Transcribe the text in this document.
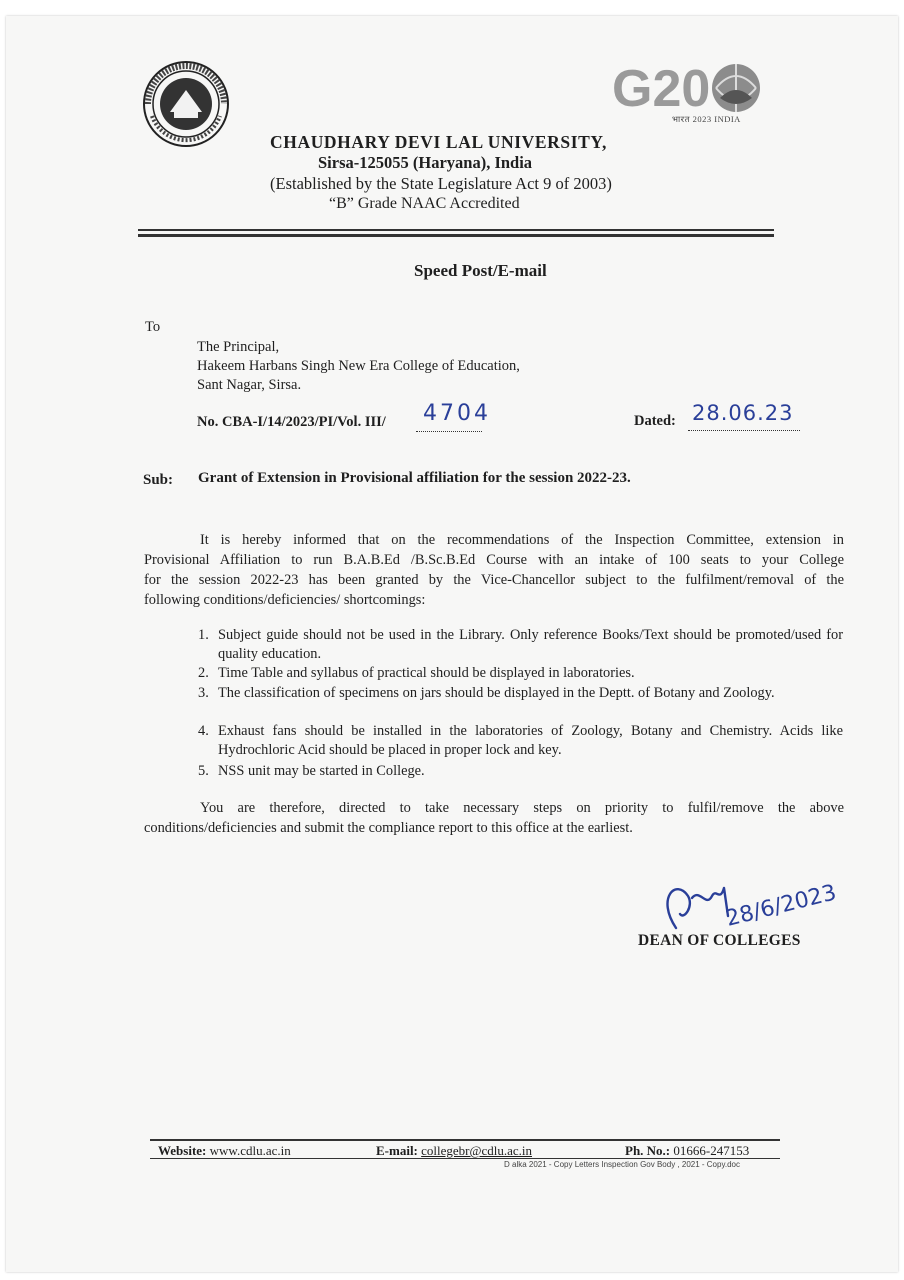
G20
भारत 2023 INDIA
CHAUDHARY DEVI LAL UNIVERSITY,
Sirsa-125055 (Haryana), India
(Established by the State Legislature Act 9 of 2003)
“B” Grade NAAC Accredited
Speed Post/E-mail
To
The Principal,
Hakeem Harbans Singh New Era College of Education,
Sant Nagar, Sirsa.
No. CBA-I/14/2023/PI/Vol. III/ 4704	Dated: 28.06.23
Sub: Grant of Extension in Provisional affiliation for the session 2022-23.
It is hereby informed that on the recommendations of the Inspection Committee, extension in
Provisional Affiliation to run B.A.B.Ed /B.Sc.B.Ed Course with an intake of 100 seats to your College
for the session 2022-23 has been granted by the Vice-Chancellor subject to the fulfilment/removal of the
following conditions/deficiencies/ shortcomings:
1. Subject guide should not be used in the Library. Only reference Books/Text should be promoted/used for quality education.
2. Time Table and syllabus of practical should be displayed in laboratories.
3. The classification of specimens on jars should be displayed in the Deptt. of Botany and Zoology.
4. Exhaust fans should be installed in the laboratories of Zoology, Botany and Chemistry. Acids like Hydrochloric Acid should be placed in proper lock and key.
5. NSS unit may be started in College.
You are therefore, directed to take necessary steps on priority to fulfil/remove the above
conditions/deficiencies and submit the compliance report to this office at the earliest.
28/6/2023
DEAN OF COLLEGES
Website: www.cdlu.ac.in	E-mail: collegebr@cdlu.ac.in	Ph. No.: 01666-247153
D alka 2021 - Copy Letters Inspection Gov Body , 2021 - Copy.doc
